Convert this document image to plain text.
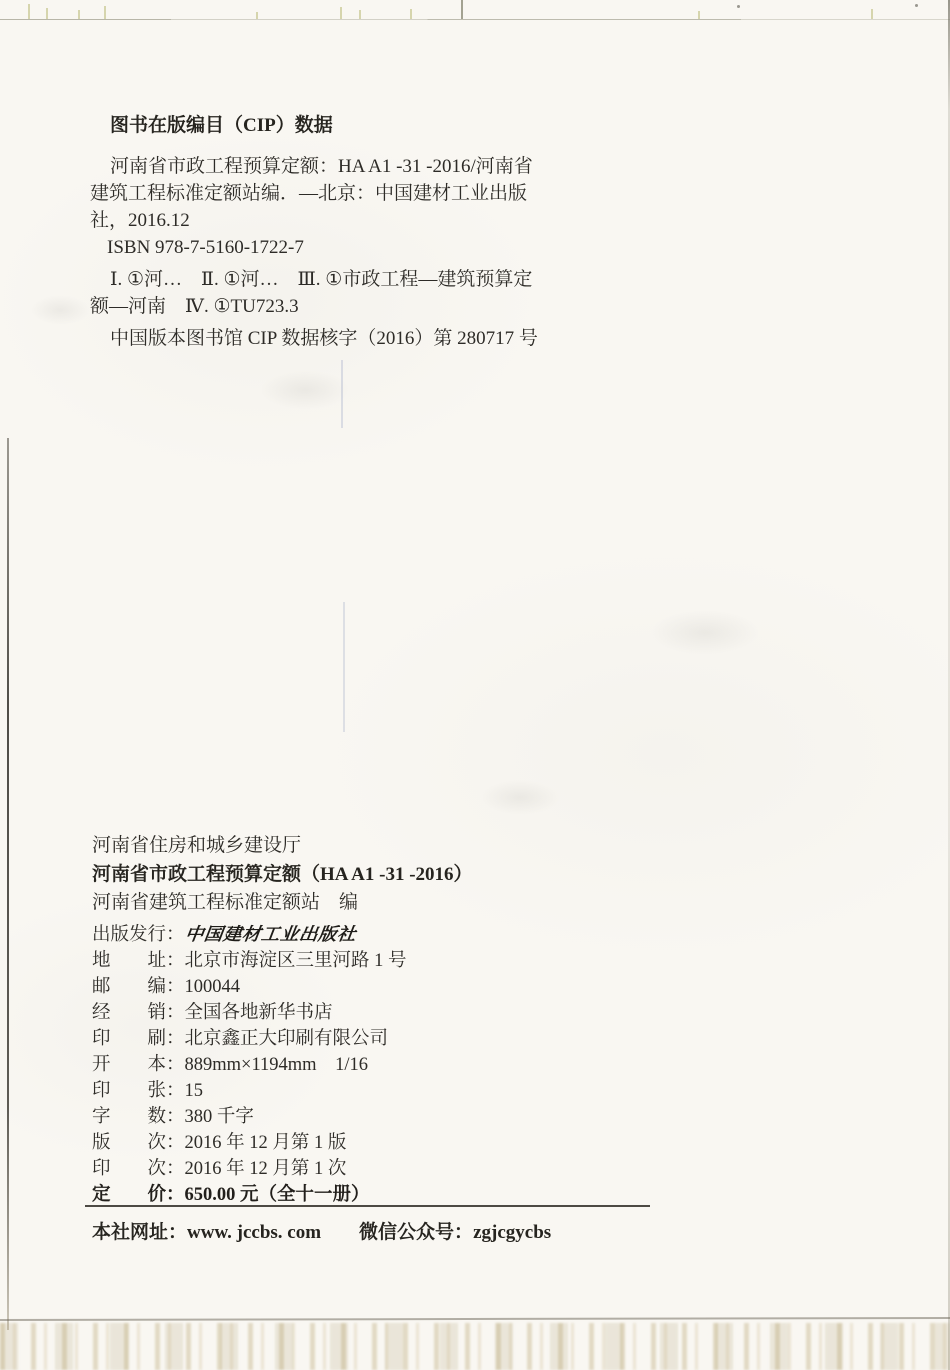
图书在版编目（CIP）数据
河南省市政工程预算定额：HA A1 -31 -2016/河南省
建筑工程标准定额站编．—北京：中国建材工业出版
社，2016.12
ISBN 978-7-5160-1722-7
Ⅰ. ①河…　Ⅱ. ①河…　Ⅲ. ①市政工程—建筑预算定
额—河南　Ⅳ. ①TU723.3
中国版本图书馆 CIP 数据核字（2016）第 280717 号
河南省住房和城乡建设厅
河南省市政工程预算定额（HA A1 -31 -2016）
河南省建筑工程标准定额站　编
出版发行：中国建材工业出版社
地　　址：北京市海淀区三里河路 1 号
邮　　编：100044
经　　销：全国各地新华书店
印　　刷：北京鑫正大印刷有限公司
开　　本：889mm×1194mm　1/16
印　　张：15
字　　数：380 千字
版　　次：2016 年 12 月第 1 版
印　　次：2016 年 12 月第 1 次
定　　价：650.00 元（全十一册）
本社网址：www. jccbs. com 微信公众号：zgjcgycbs
